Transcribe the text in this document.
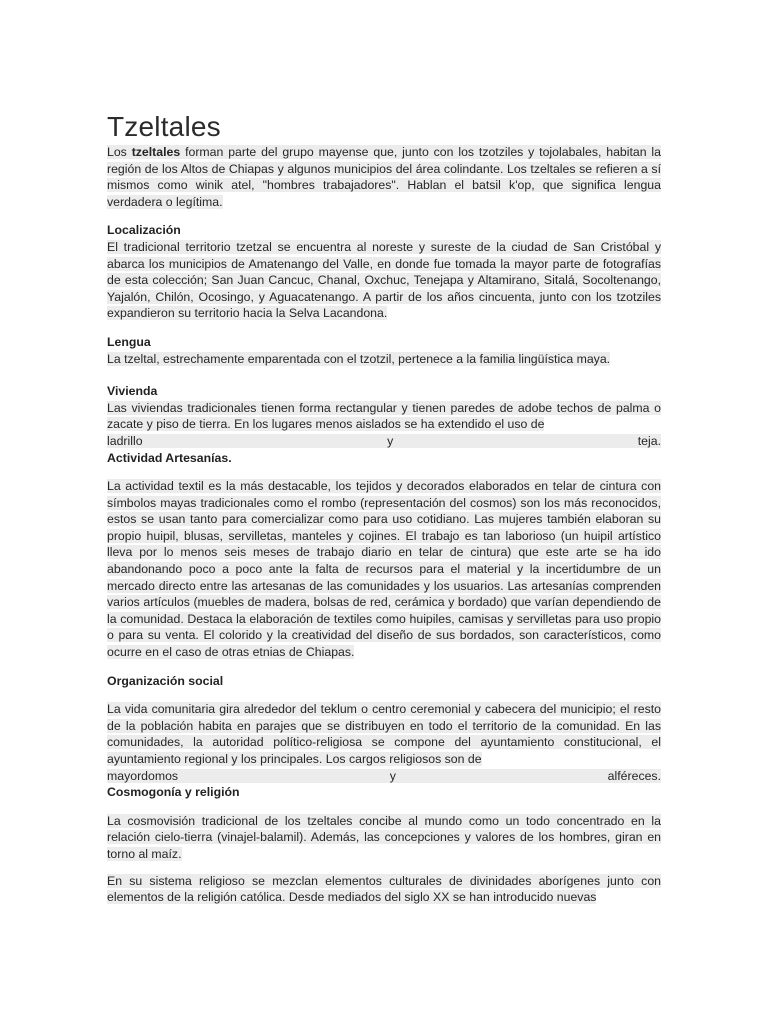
Tzeltales

Los tzeltales forman parte del grupo mayense que, junto con los tzotziles y tojolabales, habitan la región de los Altos de Chiapas y algunos municipios del área colindante. Los tzeltales se refieren a sí mismos como winik atel, "hombres trabajadores". Hablan el batsil k'op, que significa lengua verdadera o legítima.

Localización

El tradicional territorio tzetzal se encuentra al noreste y sureste de la ciudad de San Cristóbal y abarca los municipios de Amatenango del Valle, en donde fue tomada la mayor parte de fotografías de esta colección; San Juan Cancuc, Chanal, Oxchuc, Tenejapa y Altamirano, Sitalá, Socoltenango, Yajalón, Chilón, Ocosingo, y Aguacatenango. A partir de los años cincuenta, junto con los tzotziles expandieron su territorio hacia la Selva Lacandona.

Lengua

La tzeltal, estrechamente emparentada con el tzotzil, pertenece a la familia lingüística maya.

Vivienda

Las viviendas tradicionales tienen forma rectangular y tienen paredes de adobe techos de palma o zacate y piso de tierra. En los lugares menos aislados se ha extendido el uso de

ladrillo y teja.

Actividad Artesanías.

La actividad textil es la más destacable, los tejidos y decorados elaborados en telar de cintura con símbolos mayas tradicionales como el rombo (representación del cosmos) son los más reconocidos, estos se usan tanto para comercializar como para uso cotidiano. Las mujeres también elaboran su propio huipil, blusas, servilletas, manteles y cojines. El trabajo es tan laborioso (un huipil artístico lleva por lo menos seis meses de trabajo diario en telar de cintura) que este arte se ha ido abandonando poco a poco ante la falta de recursos para el material y la incertidumbre de un mercado directo entre las artesanas de las comunidades y los usuarios. Las artesanías comprenden varios artículos (muebles de madera, bolsas de red, cerámica y bordado) que varían dependiendo de la comunidad. Destaca la elaboración de textiles como huipiles, camisas y servilletas para uso propio o para su venta. El colorido y la creatividad del diseño de sus bordados, son característicos, como ocurre en el caso de otras etnias de Chiapas.

Organización social

La vida comunitaria gira alrededor del teklum o centro ceremonial y cabecera del municipio; el resto de la población habita en parajes que se distribuyen en todo el territorio de la comunidad. En las comunidades, la autoridad político-religiosa se compone del ayuntamiento constitucional, el ayuntamiento regional y los principales. Los cargos religiosos son de

mayordomos y alféreces.

Cosmogonía y religión

La cosmovisión tradicional de los tzeltales concibe al mundo como un todo concentrado en la relación cielo-tierra (vinajel-balamil). Además, las concepciones y valores de los hombres, giran en torno al maíz.

En su sistema religioso se mezclan elementos culturales de divinidades aborígenes junto con elementos de la religión católica. Desde mediados del siglo XX se han introducido nuevas
